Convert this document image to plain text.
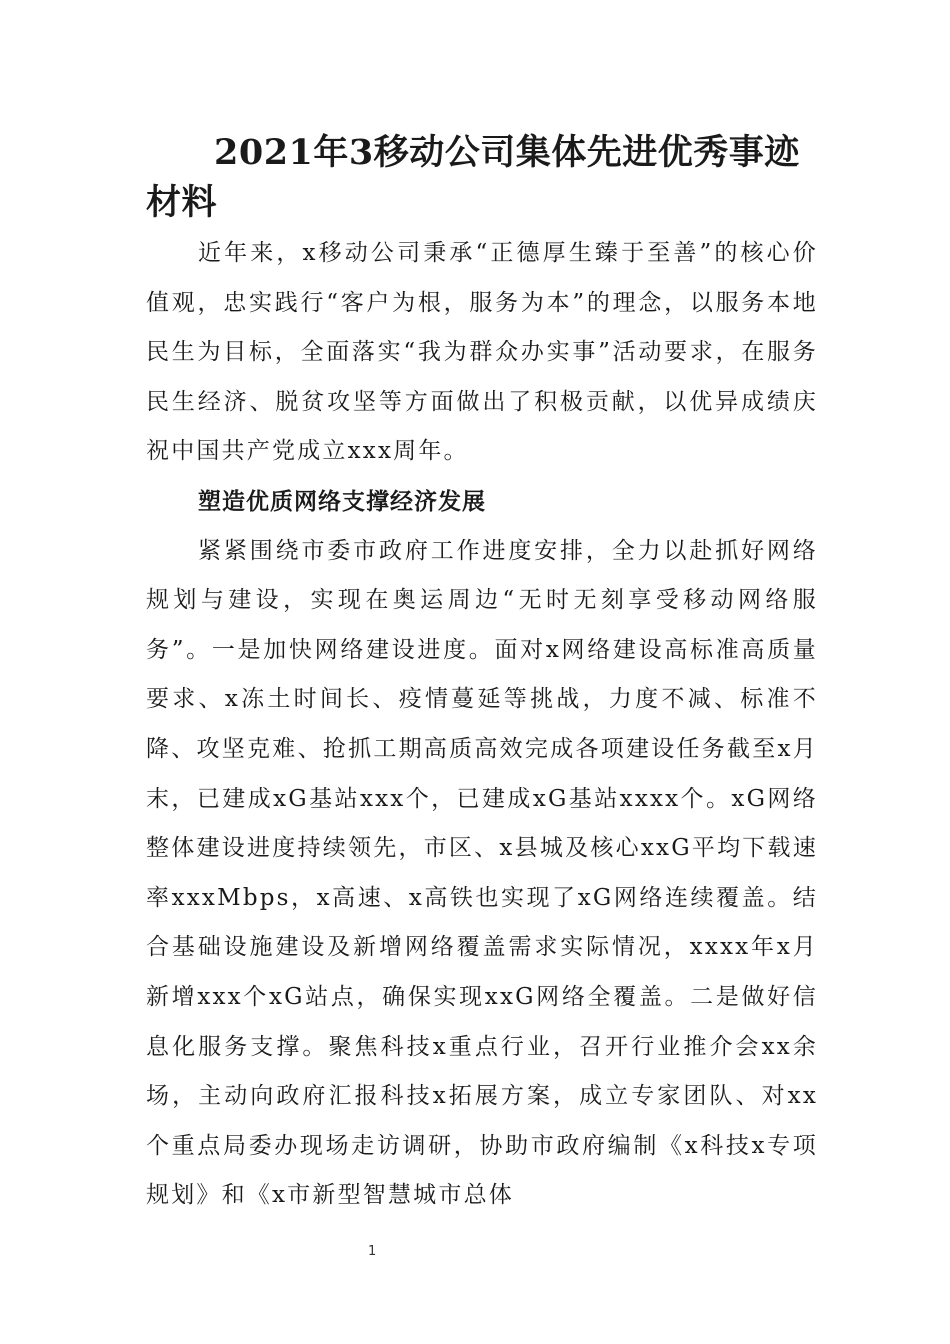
2021年3移动公司集体先进优秀事迹材料

近年来，x移动公司秉承“正德厚生臻于至善”的核心价值观，忠实践行“客户为根，服务为本”的理念，以服务本地民生为目标，全面落实“我为群众办实事”活动要求，在服务民生经济、脱贫攻坚等方面做出了积极贡献，以优异成绩庆祝中国共产党成立xxx周年。

塑造优质网络支撑经济发展

紧紧围绕市委市政府工作进度安排，全力以赴抓好网络规划与建设，实现在奥运周边“无时无刻享受移动网络服务”。一是加快网络建设进度。面对x网络建设高标准高质量要求、x冻土时间长、疫情蔓延等挑战，力度不减、标准不降、攻坚克难、抢抓工期高质高效完成各项建设任务截至x月末，已建成xG基站xxx个，已建成xG基站xxxx个。xG网络整体建设进度持续领先，市区、x县城及核心xxG平均下载速率xxxMbps，x高速、x高铁也实现了xG网络连续覆盖。结合基础设施建设及新增网络覆盖需求实际情况，xxxx年x月新增xxx个xG站点，确保实现xxG网络全覆盖。二是做好信息化服务支撑。聚焦科技x重点行业，召开行业推介会xx余场，主动向政府汇报科技x拓展方案，成立专家团队、对xx个重点局委办现场走访调研，协助市政府编制《x科技x专项规划》和《x市新型智慧城市总体

1
